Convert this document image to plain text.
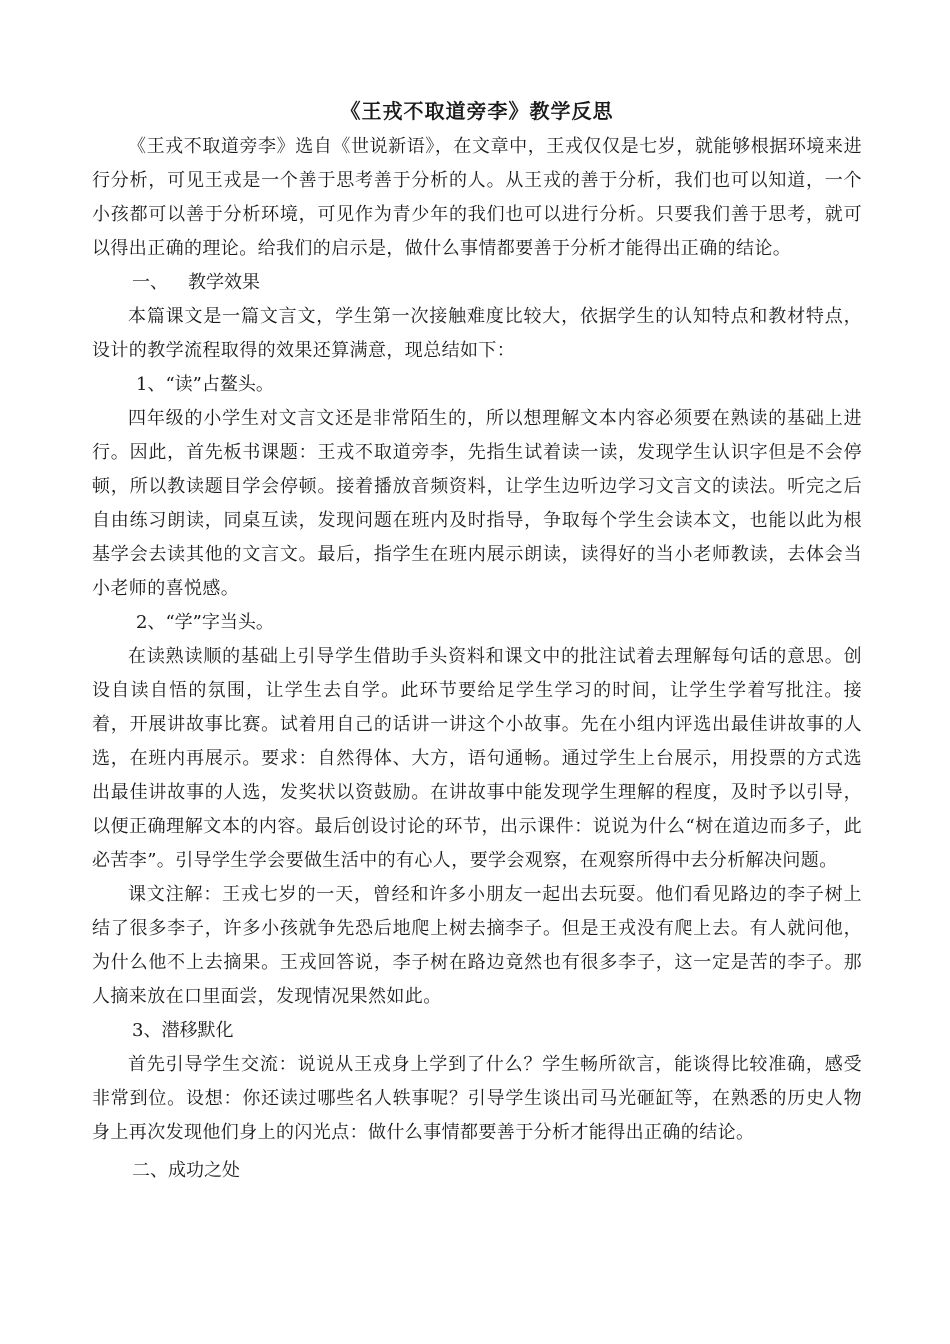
《王戎不取道旁李》教学反思

《王戎不取道旁李》选自《世说新语》，在文章中，王戎仅仅是七岁，就能够根据环境来进行分析，可见王戎是一个善于思考善于分析的人。从王戎的善于分析，我们也可以知道，一个小孩都可以善于分析环境，可见作为青少年的我们也可以进行分析。只要我们善于思考，就可以得出正确的理论。给我们的启示是，做什么事情都要善于分析才能得出正确的结论。

一、 教学效果

本篇课文是一篇文言文，学生第一次接触难度比较大，依据学生的认知特点和教材特点，设计的教学流程取得的效果还算满意，现总结如下：

1、“读”占鳌头。

四年级的小学生对文言文还是非常陌生的，所以想理解文本内容必须要在熟读的基础上进行。因此，首先板书课题：王戎不取道旁李，先指生试着读一读，发现学生认识字但是不会停顿，所以教读题目学会停顿。接着播放音频资料，让学生边听边学习文言文的读法。听完之后自由练习朗读，同桌互读，发现问题在班内及时指导，争取每个学生会读本文，也能以此为根基学会去读其他的文言文。最后，指学生在班内展示朗读，读得好的当小老师教读，去体会当小老师的喜悦感。

2、“学”字当头。

在读熟读顺的基础上引导学生借助手头资料和课文中的批注试着去理解每句话的意思。创设自读自悟的氛围，让学生去自学。此环节要给足学生学习的时间，让学生学着写批注。接着，开展讲故事比赛。试着用自己的话讲一讲这个小故事。先在小组内评选出最佳讲故事的人选，在班内再展示。要求：自然得体、大方，语句通畅。通过学生上台展示，用投票的方式选出最佳讲故事的人选，发奖状以资鼓励。在讲故事中能发现学生理解的程度，及时予以引导，以便正确理解文本的内容。最后创设讨论的环节，出示课件：说说为什么“树在道边而多子，此必苦李”。引导学生学会要做生活中的有心人，要学会观察，在观察所得中去分析解决问题。

课文注解：王戎七岁的一天，曾经和许多小朋友一起出去玩耍。他们看见路边的李子树上结了很多李子，许多小孩就争先恐后地爬上树去摘李子。但是王戎没有爬上去。有人就问他，为什么他不上去摘果。王戎回答说，李子树在路边竟然也有很多李子，这一定是苦的李子。那人摘来放在口里面尝，发现情况果然如此。

3、潜移默化

首先引导学生交流：说说从王戎身上学到了什么？学生畅所欲言，能谈得比较准确，感受非常到位。设想：你还读过哪些名人轶事呢？引导学生谈出司马光砸缸等，在熟悉的历史人物身上再次发现他们身上的闪光点：做什么事情都要善于分析才能得出正确的结论。

二、成功之处
